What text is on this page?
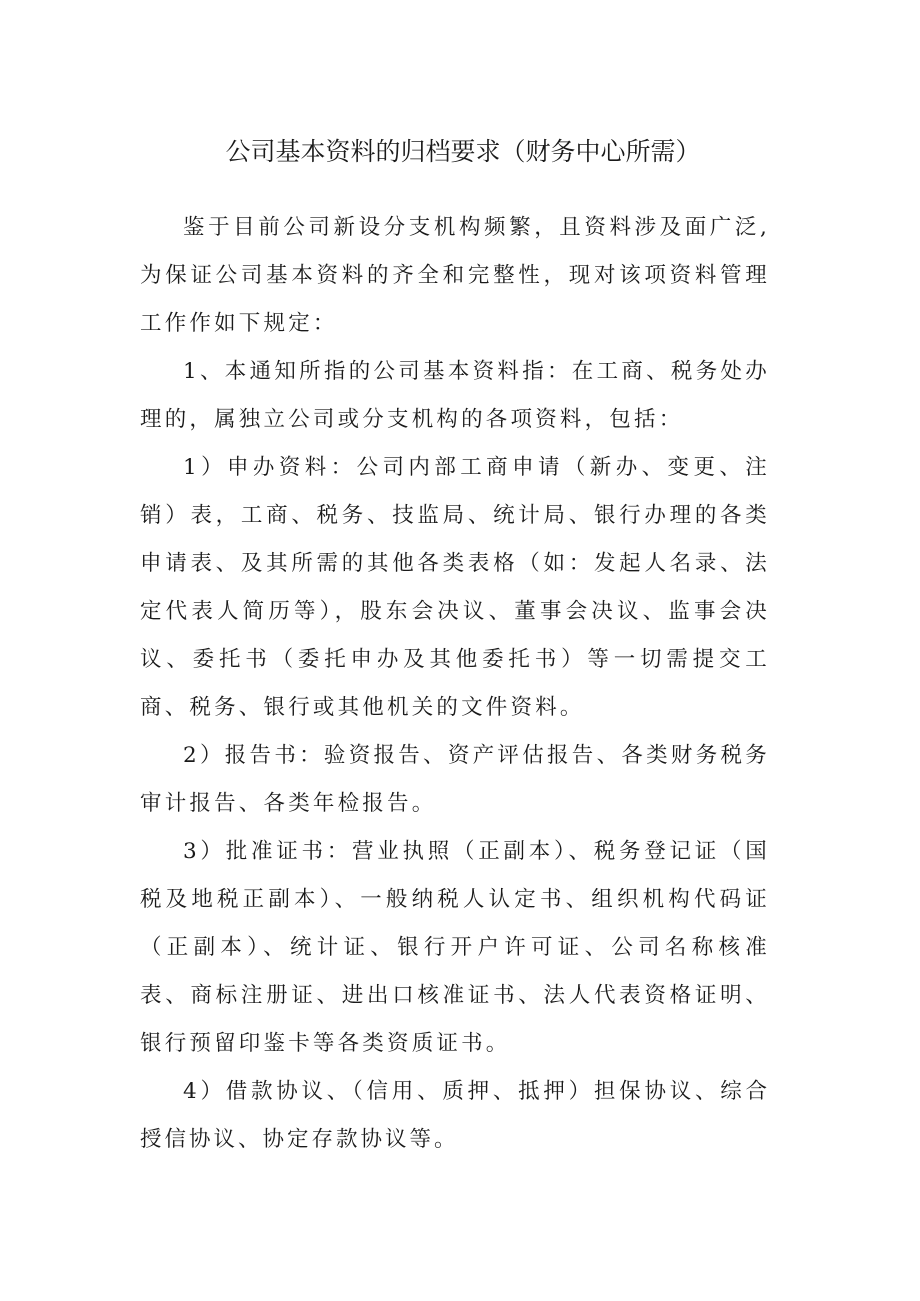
公司基本资料的归档要求（财务中心所需）

鉴于目前公司新设分支机构频繁，且资料涉及面广泛,为保证公司基本资料的齐全和完整性，现对该项资料管理工作作如下规定：

1、本通知所指的公司基本资料指：在工商、税务处办理的，属独立公司或分支机构的各项资料，包括：

1）申办资料：公司内部工商申请（新办、变更、注销）表，工商、税务、技监局、统计局、银行办理的各类申请表、及其所需的其他各类表格（如：发起人名录、法定代表人简历等），股东会决议、董事会决议、监事会决议、委托书（委托申办及其他委托书）等一切需提交工商、税务、银行或其他机关的文件资料。

2）报告书：验资报告、资产评估报告、各类财务税务审计报告、各类年检报告。

3）批准证书：营业执照（正副本）、税务登记证（国税及地税正副本）、一般纳税人认定书、组织机构代码证（正副本）、统计证、银行开户许可证、公司名称核准表、商标注册证、进出口核准证书、法人代表资格证明、银行预留印鉴卡等各类资质证书。

4）借款协议、（信用、质押、抵押）担保协议、综合授信协议、协定存款协议等。
